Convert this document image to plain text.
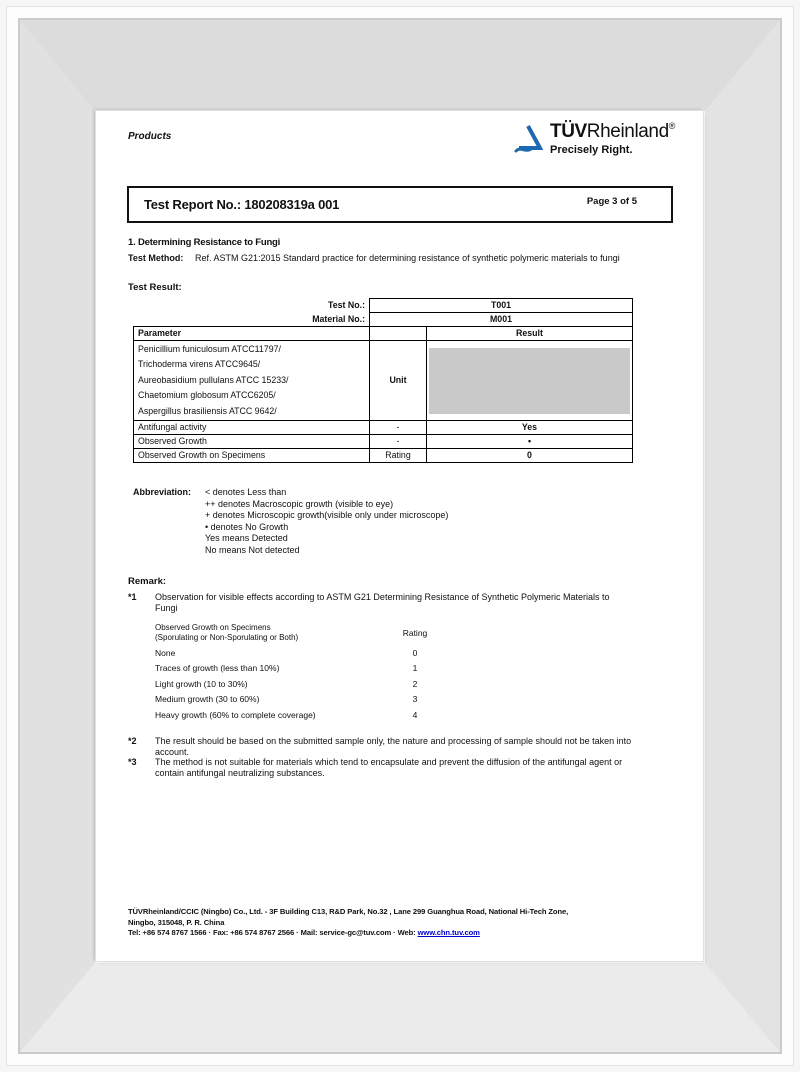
Products	TÜVRheinland®
Precisely Right.
Test Report No.: 180208319a 001	Page 3 of 5
1. Determining Resistance to Fungi
Test Method: Ref. ASTM G21:2015 Standard practice for determining resistance of synthetic polymeric materials to fungi
Test Result:
Test No.:	T001	
Material No.:	M001	
Parameter		Result

Penicillium funiculosum ATCC11797/
Trichoderma virens ATCC9645/
Aureobasidium pullulans ATCC 15233/
Chaetomium globosum ATCC6205/
Aspergillus brasiliensis ATCC 9642/	Unit	

Antifungal activity	-	Yes
Observed Growth	-	•
Observed Growth on Specimens	Rating	0
Abbreviation:	< denotes Less than
++ denotes Macroscopic growth (visible to eye)
+ denotes Microscopic growth(visible only under microscope)
• denotes No Growth
Yes means Detected
No means Not detected
Remark:
*1	Observation for visible effects according to ASTM G21 Determining Resistance of Synthetic Polymeric Materials to Fungi
Observed Growth on Specimens
(Sporulating or Non-Sporulating or Both)	Rating
None	0
Traces of growth (less than 10%)	1
Light growth (10 to 30%)	2
Medium growth (30 to 60%)	3
Heavy growth (60% to complete coverage)	4
*2	The result should be based on the submitted sample only, the nature and processing of sample should not be taken into account.
*3	The method is not suitable for materials which tend to encapsulate and prevent the diffusion of the antifungal agent or contain antifungal neutralizing substances.
TÜVRheinland/CCIC (Ningbo) Co., Ltd. - 3F Building C13, R&D Park, No.32 , Lane 299 Guanghua Road, National Hi-Tech Zone,
Ningbo, 315048, P. R. China
Tel: +86 574 8767 1566 · Fax: +86 574 8767 2566 · Mail: service-gc@tuv.com · Web: www.chn.tuv.com
